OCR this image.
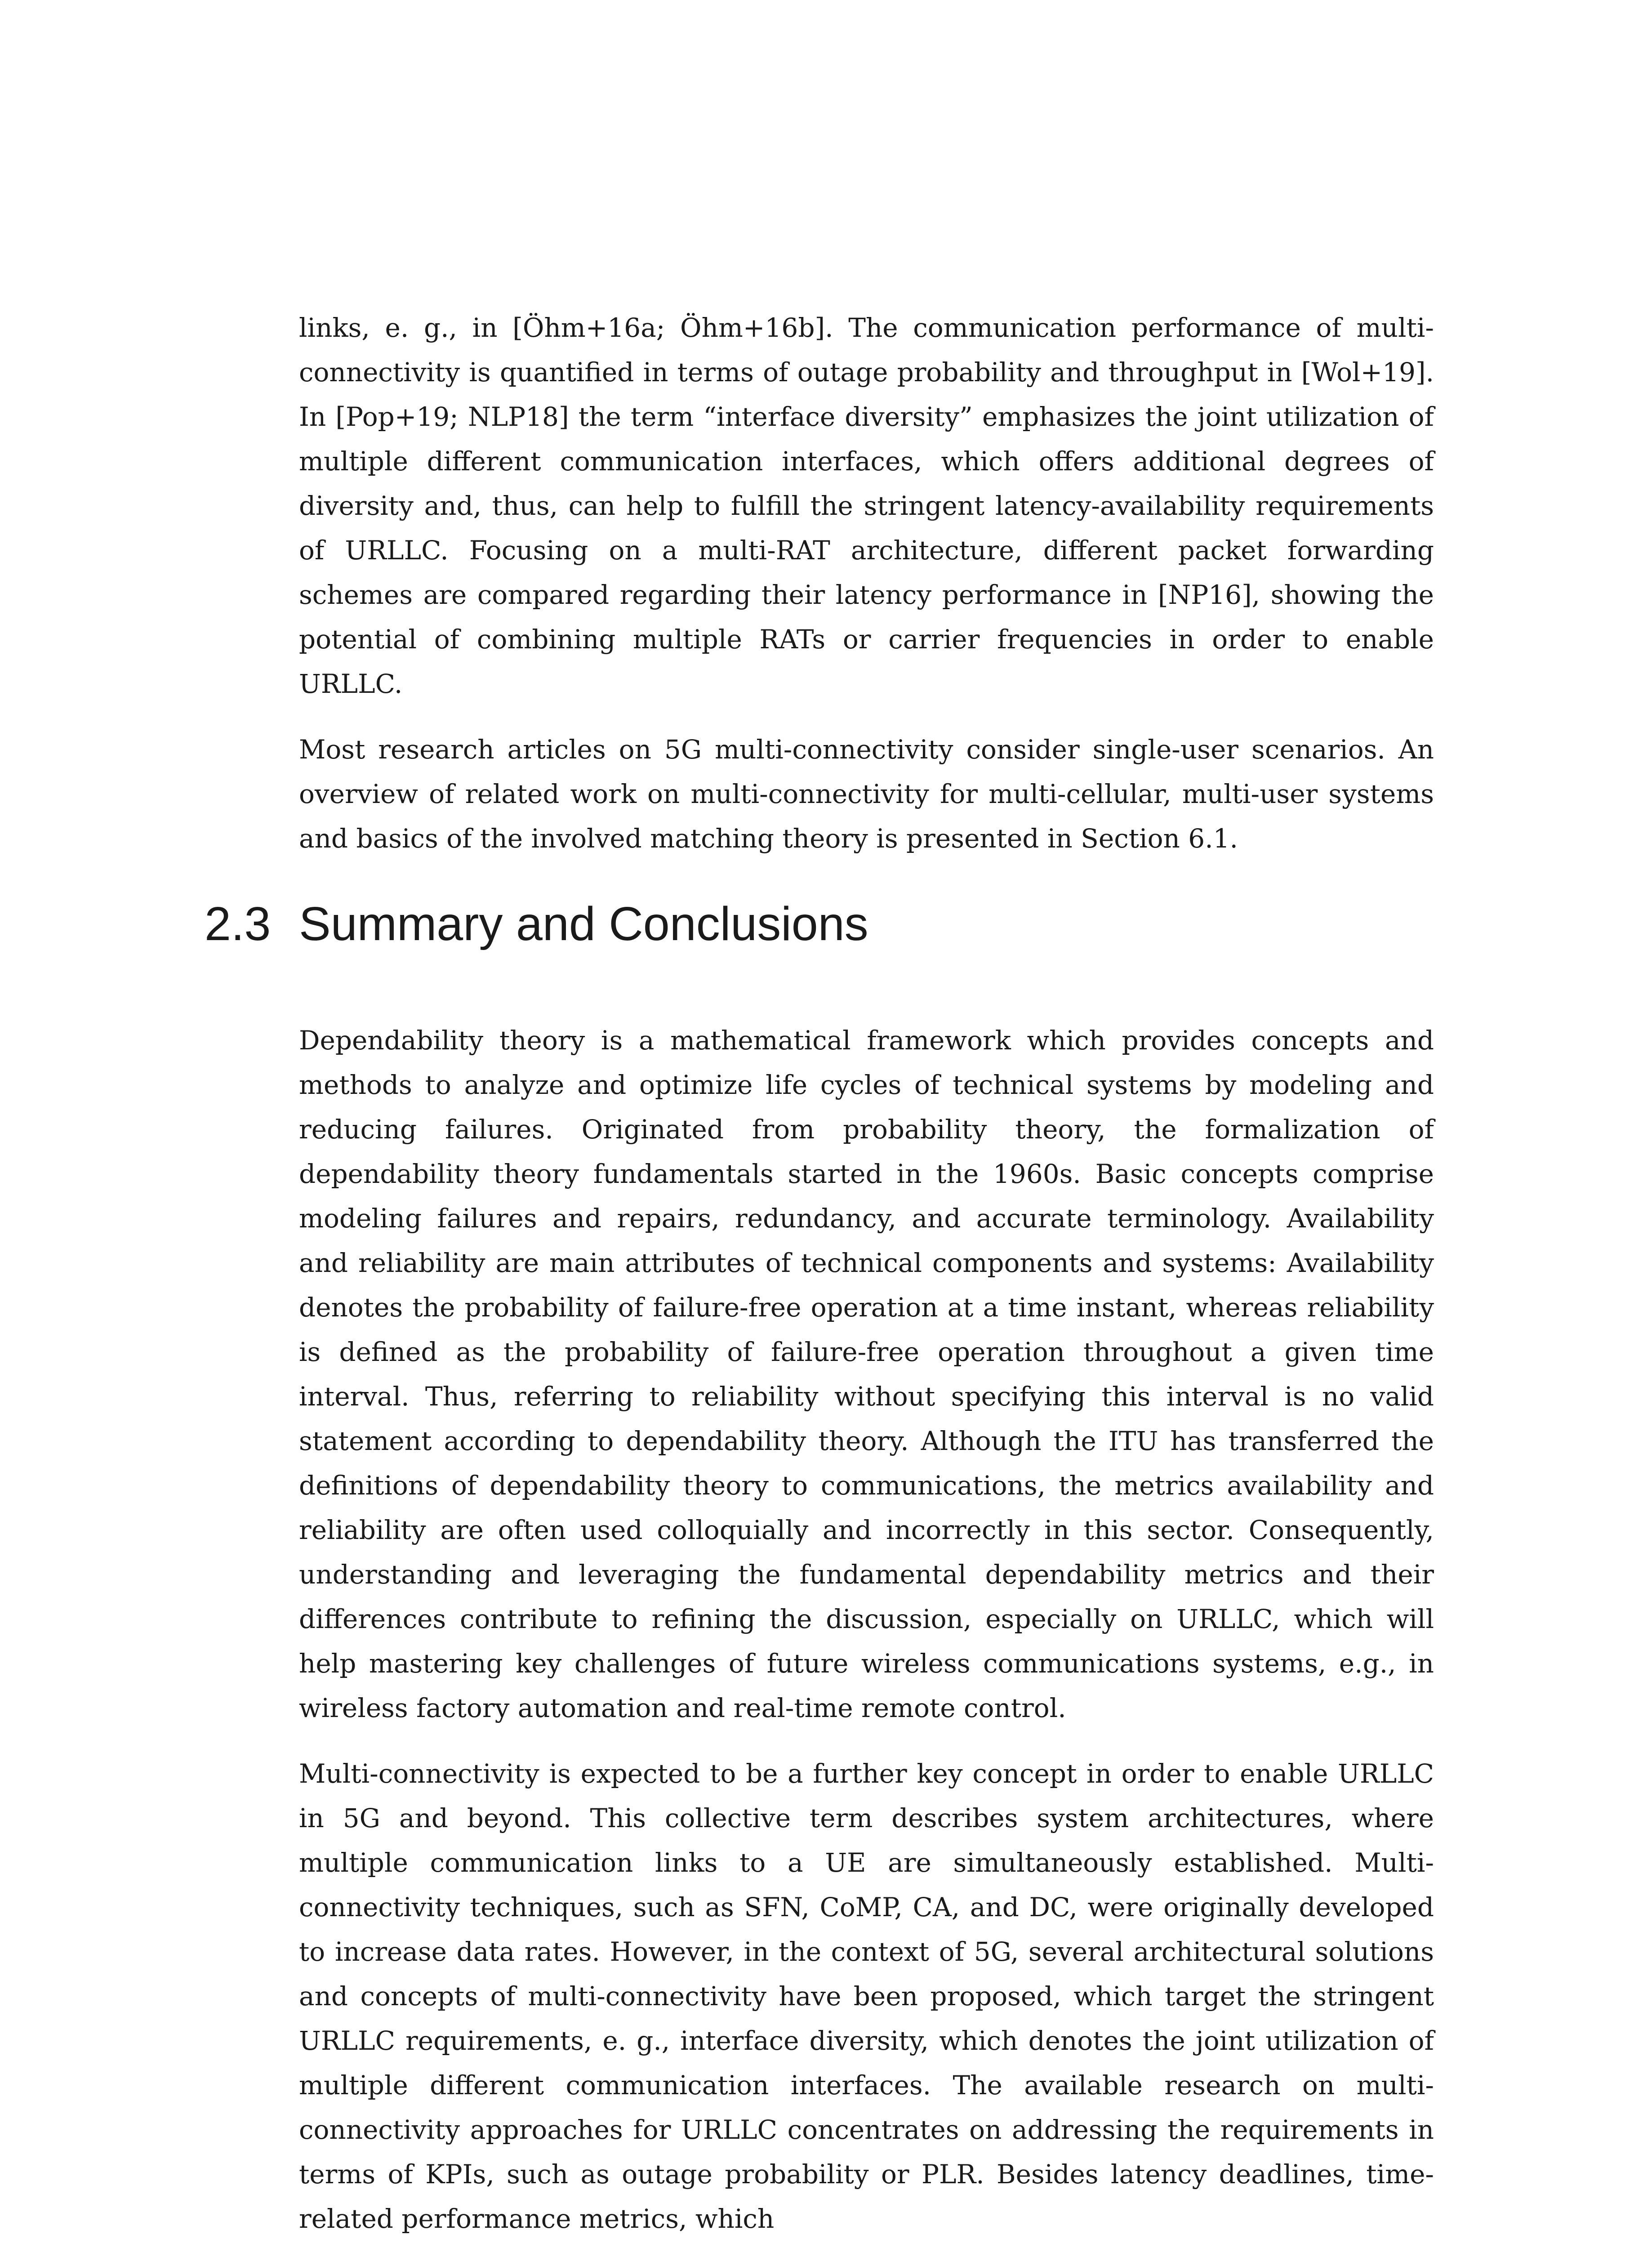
links, e. g., in [Öhm+16a; Öhm+16b]. The communication performance of multi-connectivity is quantified in terms of outage probability and throughput in [Wol+19]. In [Pop+19; NLP18] the term “interface diversity” emphasizes the joint utilization of multiple different communication interfaces, which offers additional degrees of diversity and, thus, can help to fulfill the stringent latency-availability requirements of URLLC. Focusing on a multi-RAT architecture, different packet forwarding schemes are compared regarding their latency performance in [NP16], showing the potential of combining multiple RATs or carrier frequencies in order to enable URLLC.

Most research articles on 5G multi-connectivity consider single-user scenarios. An overview of related work on multi-connectivity for multi-cellular, multi-user systems and basics of the involved matching theory is presented in Section 6.1.

2.3 Summary and Conclusions

Dependability theory is a mathematical framework which provides concepts and methods to analyze and optimize life cycles of technical systems by modeling and reducing failures. Originated from probability theory, the formalization of dependability theory fundamentals started in the 1960s. Basic concepts comprise modeling failures and repairs, redundancy, and accurate terminology. Availability and reliability are main attributes of technical components and systems: Availability denotes the probability of failure-free operation at a time instant, whereas reliability is defined as the probability of failure-free operation throughout a given time interval. Thus, referring to reliability without specifying this interval is no valid statement according to dependability theory. Although the ITU has transferred the definitions of dependability theory to communications, the metrics availability and reliability are often used colloquially and incorrectly in this sector. Consequently, understanding and leveraging the fundamental dependability metrics and their differences contribute to refining the discussion, especially on URLLC, which will help mastering key challenges of future wireless communications systems, e.g., in wireless factory automation and real-time remote control.

Multi-connectivity is expected to be a further key concept in order to enable URLLC in 5G and beyond. This collective term describes system architectures, where multiple communication links to a UE are simultaneously established. Multi-connectivity techniques, such as SFN, CoMP, CA, and DC, were originally developed to increase data rates. However, in the context of 5G, several architectural solutions and concepts of multi-connectivity have been proposed, which target the stringent URLLC requirements, e. g., interface diversity, which denotes the joint utilization of multiple different communication interfaces. The available research on multi-connectivity approaches for URLLC concentrates on addressing the requirements in terms of KPIs, such as outage probability or PLR. Besides latency deadlines, time-related performance metrics, which
